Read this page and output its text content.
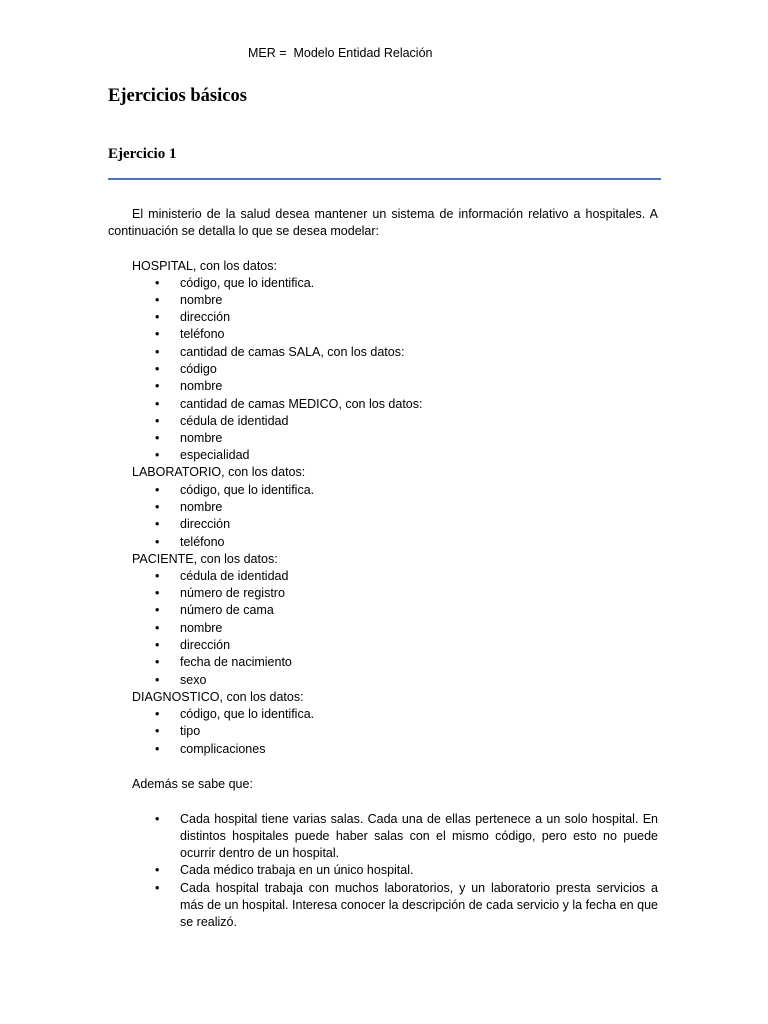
MER =  Modelo Entidad Relación
Ejercicios básicos
Ejercicio 1

El ministerio de la salud desea mantener un sistema de información relativo a hospitales. A continuación se detalla lo que se desea modelar:

HOSPITAL, con los datos:
• código, que lo identifica.
• nombre
• dirección
• teléfono
• cantidad de camas SALA, con los datos:
• código
• nombre
• cantidad de camas MEDICO, con los datos:
• cédula de identidad
• nombre
• especialidad
LABORATORIO, con los datos:
• código, que lo identifica.
• nombre
• dirección
• teléfono
PACIENTE, con los datos:
• cédula de identidad
• número de registro
• número de cama
• nombre
• dirección
• fecha de nacimiento
• sexo
DIAGNOSTICO, con los datos:
• código, que lo identifica.
• tipo
• complicaciones
Además se sabe que:
• Cada hospital tiene varias salas. Cada una de ellas pertenece a un solo hospital. En distintos hospitales puede haber salas con el mismo código, pero esto no puede ocurrir dentro de un hospital.

• Cada médico trabaja en un único hospital.

• Cada hospital trabaja con muchos laboratorios, y un laboratorio presta servicios a más de un hospital. Interesa conocer la descripción de cada servicio y la fecha en que se realizó.
